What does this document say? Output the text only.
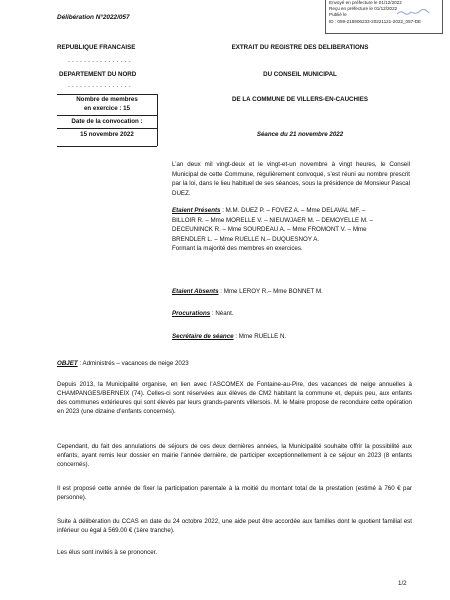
Envoyé en préfecture le 01/12/2022
Reçu en préfecture le 01/12/2022
Publié le
ID : 059-215906233-20221121-2022_057-DE
Délibération N°2022/057
REPUBLIQUE FRANCAISE
- - - - - - - - - - - - - - - -
DEPARTEMENT DU NORD
- - - - - - - - - - - - - - - -
Nombre de membres
en exercice : 15
Date de la convocation :
15 novembre 2022
EXTRAIT DU REGISTRE DES DELIBERATIONS
DU CONSEIL MUNICIPAL
DE LA COMMUNE DE VILLERS-EN-CAUCHIES
Séance du 21 novembre 2022
L’an deux mil vingt-deux et le vingt-et-un novembre à vingt heures, le Conseil Municipal de cette Commune, régulièrement convoqué, s’est réuni au nombre prescrit par la loi, dans le lieu habituel de ses séances, sous la présidence de Monsieur Pascal DUEZ.
Etaient Présents : M.M. DUEZ P. – FOVEZ A. – Mme DELAVAL MF. –
BILLOIR R. – Mme MORELLE V. – NIEUWJAER M. – DEMOYELLE M. –
DECEUNINCK R. – Mme SOURDEAU A. – Mme FROMONT V. – Mme
BRENDLER L. – Mme RUELLE N.– DUQUESNOY A.
Formant la majorité des membres en exercices.
Etaient Absents : Mme LEROY R.– Mme BONNET M.
Procurations : Néant.
Secrétaire de séance : Mme RUELLE N.
OBJET : Administrés – vacances de neige 2023
Depuis 2013, la Municipalité organise, en lien avec l’ASCOMEX de Fontaine-au-Pire, des vacances de neige annuelles à CHAMPANGES/BERNEIX (74). Celles-ci sont réservées aux élèves de CM2 habitant la commune et, depuis peu, aux enfants des communes extérieures qui sont élevés par leurs grands-parents villersois. M. le Maire propose de reconduire cette opération en 2023 (une dizaine d’enfants concernés).
Cependant, du fait des annulations de séjours de ces deux dernières années, la Municipalité souhaite offrir la possibilité aux enfants, ayant remis leur dossier en mairie l’année dernière, de participer exceptionnellement à ce séjour en 2023 (8 enfants concernés).
Il est proposé cette année de fixer la participation parentale à la moitié du montant total de la prestation (estimé à 760 € par personne).
Suite à délibération du CCAS en date du 24 octobre 2022, une aide peut être accordée aux familles dont le quotient familial est inférieur ou égal à 569.00 € (1ère tranche).
Les élus sont invités à se prononcer.
1/2
